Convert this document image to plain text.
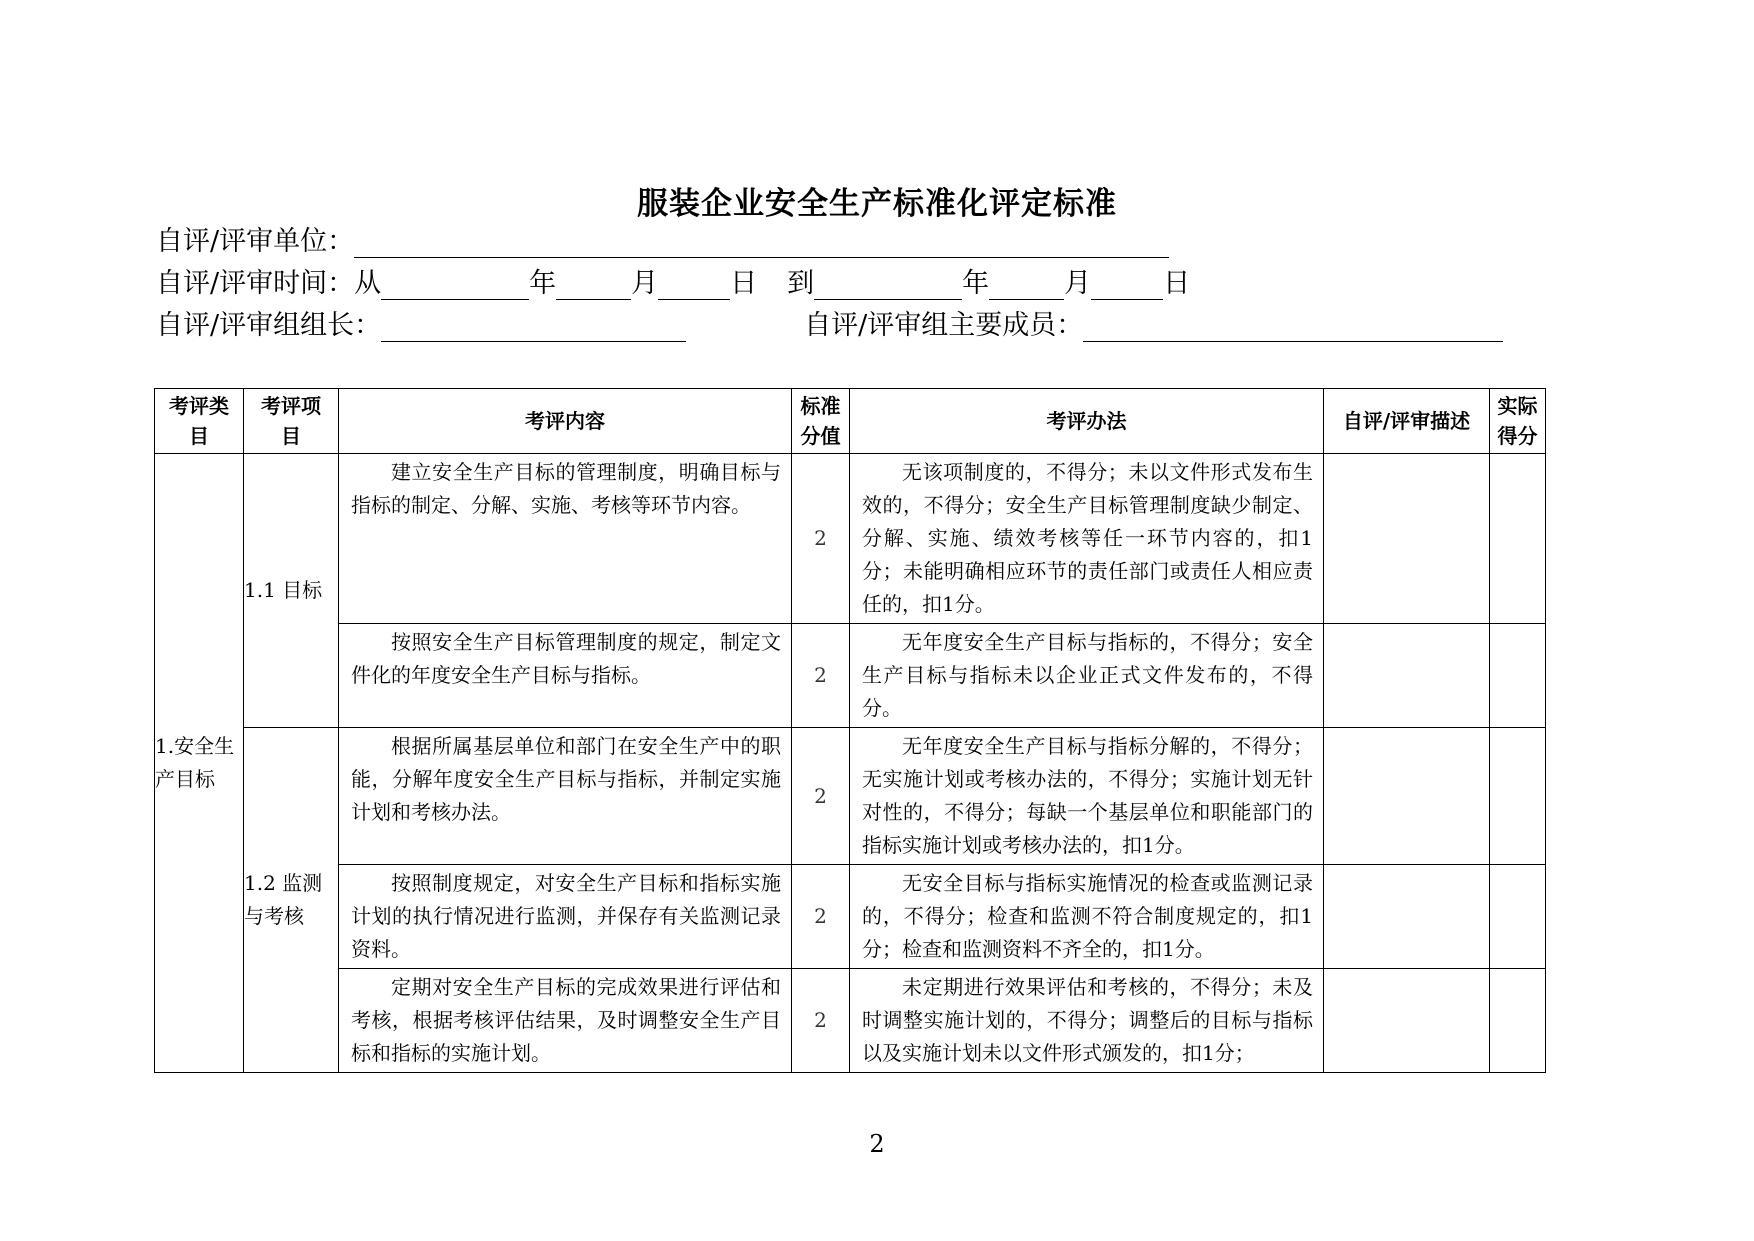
服装企业安全生产标准化评定标准
自评/评审单位：
自评/评审时间：从	年	月	日 到	年	月	日
自评/评审组组长：	自评/评审组主要成员：
考评类目	考评项目	考评内容	标准分值	考评办法	自评/评审描述	实际得分
1.安全生产目标	1.1 目标	建立安全生产目标的管理制度，明确目标与指标的制定、分解、实施、考核等环节内容。	2	无该项制度的，不得分；未以文件形式发布生效的，不得分；安全生产目标管理制度缺少制定、分解、实施、绩效考核等任一环节内容的，扣1分；未能明确相应环节的责任部门或责任人相应责任的，扣1分。		

		按照安全生产目标管理制度的规定，制定文件化的年度安全生产目标与指标。	2	无年度安全生产目标与指标的，不得分；安全生产目标与指标未以企业正式文件发布的，不得分。		

	1.2 监测与考核	根据所属基层单位和部门在安全生产中的职能，分解年度安全生产目标与指标，并制定实施计划和考核办法。	2	无年度安全生产目标与指标分解的，不得分；无实施计划或考核办法的，不得分；实施计划无针对性的，不得分；每缺一个基层单位和职能部门的指标实施计划或考核办法的，扣1分。		

		按照制度规定，对安全生产目标和指标实施计划的执行情况进行监测，并保存有关监测记录资料。	2	无安全目标与指标实施情况的检查或监测记录的，不得分；检查和监测不符合制度规定的，扣1分；检查和监测资料不齐全的，扣1分。		

		定期对安全生产目标的完成效果进行评估和考核，根据考核评估结果，及时调整安全生产目标和指标的实施计划。	2	未定期进行效果评估和考核的，不得分；未及时调整实施计划的，不得分；调整后的目标与指标以及实施计划未以文件形式颁发的，扣1分；		

2
